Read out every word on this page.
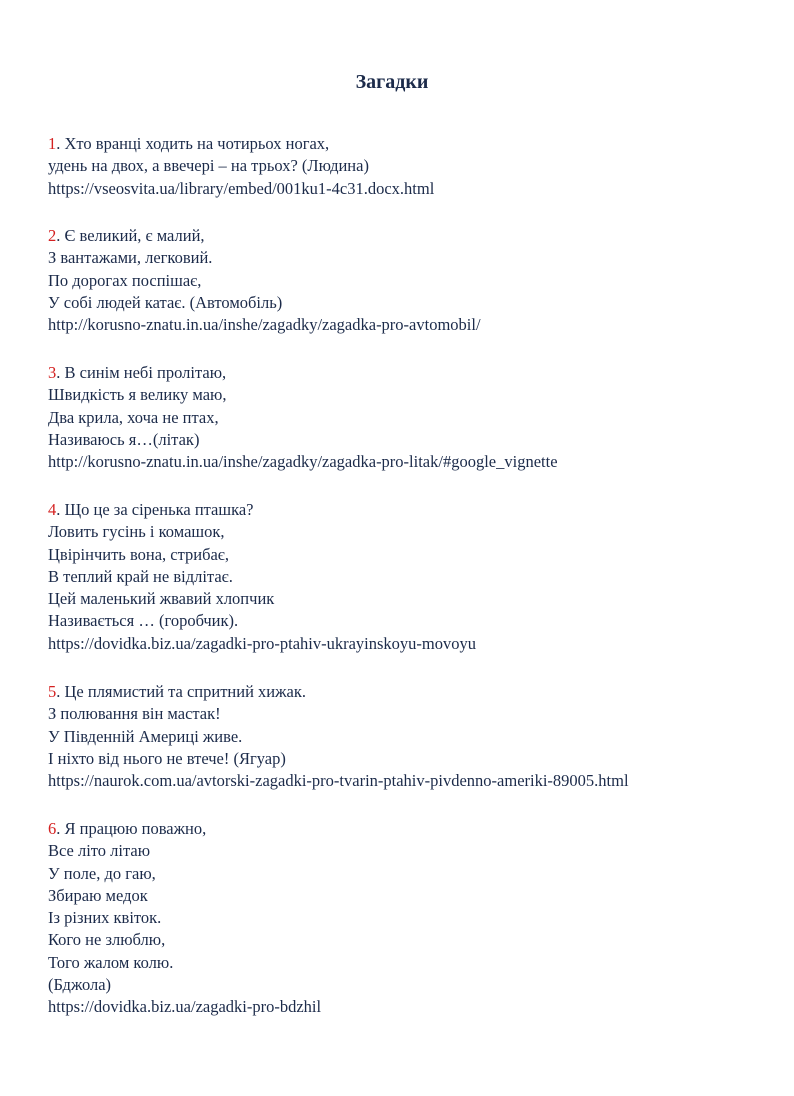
Загадки
1. Хто вранці ходить на чотирьох ногах,
удень на двох, а ввечері – на трьох? (Людина)
https://vseosvita.ua/library/embed/001ku1-4c31.docx.html
2. Є великий, є малий,
З вантажами, легковий.
По дорогах поспішає,
У собі людей катає. (Автомобіль)
http://korusno-znatu.in.ua/inshe/zagadky/zagadka-pro-avtomobil/
3. В синім небі пролітаю,
Швидкість я велику маю,
Два крила, хоча не птах,
Називаюсь я…(літак)
http://korusno-znatu.in.ua/inshe/zagadky/zagadka-pro-litak/#google_vignette
4. Що це за сіренька пташка?
Ловить гусінь і комашок,
Цвірінчить вона, стрибає,
В теплий край не відлітає.
Цей маленький жвавий хлопчик
Називається … (горобчик).
https://dovidka.biz.ua/zagadki-pro-ptahiv-ukrayinskoyu-movoyu
5. Це плямистий та спритний хижак.
З полювання він мастак!
У Південній Америці живе.
І ніхто від нього не втече! (Ягуар)
https://naurok.com.ua/avtorski-zagadki-pro-tvarin-ptahiv-pivdenno-ameriki-89005.html
6. Я працюю поважно,
Все літо літаю
У поле, до гаю,
Збираю медок
Із різних квіток.
Кого не злюблю,
Того жалом колю.
(Бджола)
https://dovidka.biz.ua/zagadki-pro-bdzhil
